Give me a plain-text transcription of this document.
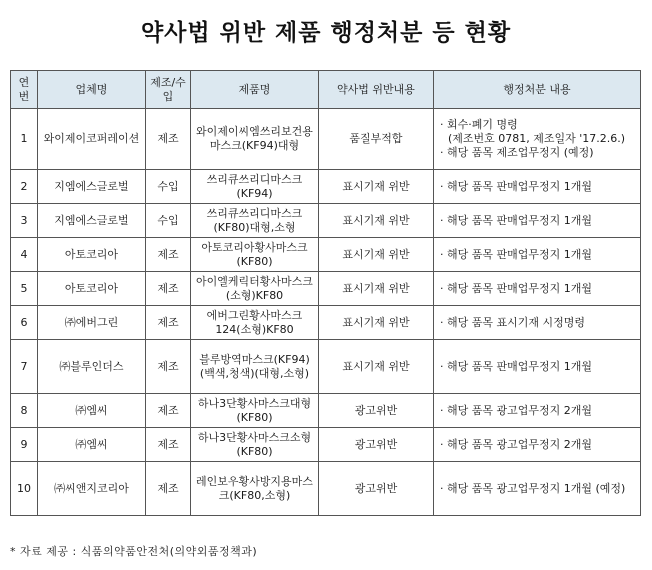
약사법 위반 제품 행정처분 등 현황
연번	업체명	제조/수입	제품명	약사법 위반내용	행정처분 내용
1	와이제이코퍼레이션	제조	와이제이씨엠쓰리보건용마스크(KF94)대형	품질부적합	· 회수·폐기 명령
(제조번호 0781, 제조일자 '17.2.6.)
· 해당 품목 제조업무정지 (예정)

2	지엠에스글로벌	수입	쓰리큐쓰리디마스크(KF94)	표시기재 위반	· 해당 품목 판매업무정지 1개월

3	지엠에스글로벌	수입	쓰리큐쓰리디마스크(KF80)대형,소형	표시기재 위반	· 해당 품목 판매업무정지 1개월

4	아토코리아	제조	아토코리아황사마스크(KF80)	표시기재 위반	· 해당 품목 판매업무정지 1개월

5	아토코리아	제조	아이엘케릭터황사마스크(소형)KF80	표시기재 위반	· 해당 품목 판매업무정지 1개월

6	㈜에버그린	제조	에버그린황사마스크124(소형)KF80	표시기재 위반	· 해당 품목 표시기재 시정명령

7	㈜블루인더스	제조	블루방역마스크(KF94)(백색,청색)(대형,소형)	표시기재 위반	· 해당 품목 판매업무정지 1개월

8	㈜엠씨	제조	하나3단황사마스크대형(KF80)	광고위반	· 해당 품목 광고업무정지 2개월

9	㈜엠씨	제조	하나3단황사마스크소형(KF80)	광고위반	· 해당 품목 광고업무정지 2개월

10	㈜씨앤지코리아	제조	레인보우황사방지용마스크(KF80,소형)	광고위반	· 해당 품목 광고업무정지 1개월 (예정)
* 자료 제공 : 식품의약품안전처(의약외품정책과)
